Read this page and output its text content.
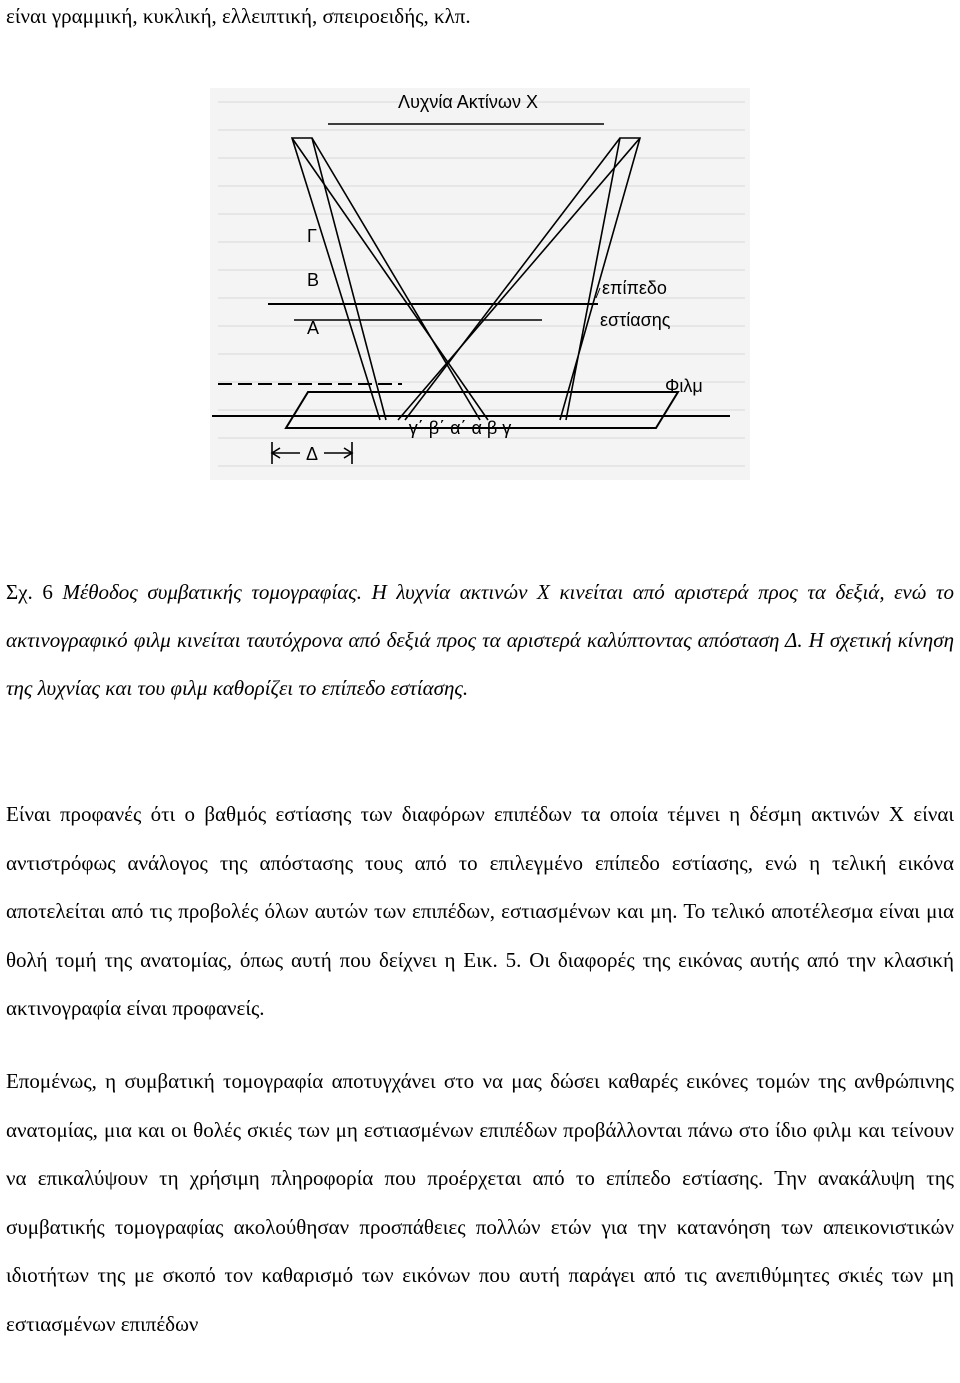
είναι γραμμική, κυκλική, ελλειπτική, σπειροειδής, κλπ.
Λυχνία Ακτίνων Χ
Γ
Β
Α
επίπεδο
εστίασης
Φιλμ
γ΄ β΄ α΄ α β γ
Δ
Σχ. 6 Μέθοδος συμβατικής τομογραφίας. Η λυχνία ακτινών Χ κινείται από αριστερά προς τα δεξιά, ενώ το ακτινογραφικό φιλμ κινείται ταυτόχρονα από δεξιά προς τα αριστερά καλύπτοντας απόσταση Δ. Η σχετική κίνηση της λυχνίας και του φιλμ καθορίζει το επίπεδο εστίασης.
Είναι προφανές ότι ο βαθμός εστίασης των διαφόρων επιπέδων τα οποία τέμνει η δέσμη ακτινών Χ είναι αντιστρόφως ανάλογος της απόστασης τους από το επιλεγμένο επίπεδο εστίασης, ενώ η τελική εικόνα αποτελείται από τις προβολές όλων αυτών των επιπέδων, εστιασμένων και μη. Το τελικό αποτέλεσμα είναι μια θολή τομή της ανατομίας, όπως αυτή που δείχνει η Εικ. 5. Οι διαφορές της εικόνας αυτής από την κλασική ακτινογραφία είναι προφανείς.
Επομένως, η συμβατική τομογραφία αποτυγχάνει στο να μας δώσει καθαρές εικόνες τομών της ανθρώπινης ανατομίας, μια και οι θολές σκιές των μη εστιασμένων επιπέδων προβάλλονται πάνω στο ίδιο φιλμ και τείνουν να επικαλύψουν τη χρήσιμη πληροφορία που προέρχεται από το επίπεδο εστίασης. Την ανακάλυψη της συμβατικής τομογραφίας ακολούθησαν προσπάθειες πολλών ετών για την κατανόηση των απεικονιστικών ιδιοτήτων της με σκοπό τον καθαρισμό των εικόνων που αυτή παράγει από τις ανεπιθύμητες σκιές των μη εστιασμένων επιπέδων
